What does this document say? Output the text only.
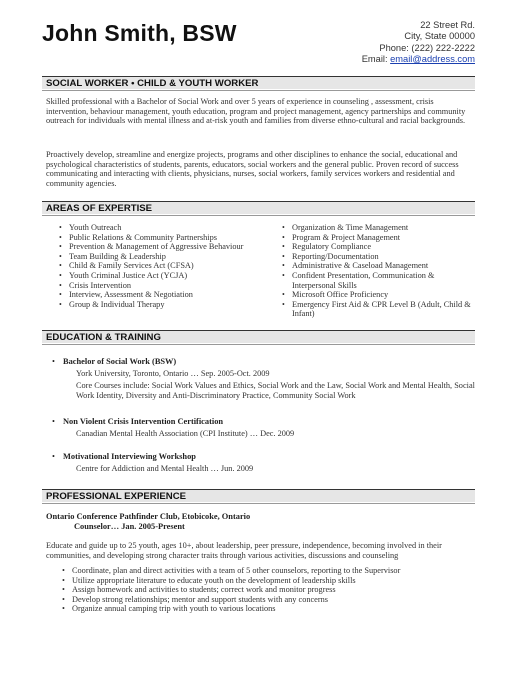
John Smith, BSW	22 Street Rd.
City, State 00000
Phone: (222) 222-2222
Email: email@address.com
SOCIAL WORKER • CHILD & YOUTH WORKER

Skilled professional with a Bachelor of Social Work and over 5 years of experience in counseling , assessment, crisis intervention, behaviour management, youth education, program and project management, agency partnerships and community outreach for individuals with mental illness and at-risk youth and families from diverse ethno-cultural and racial backgrounds.

Proactively develop, streamline and energize projects, programs and other disciplines to enhance the social, educational and psychological characteristics of students, parents, educators, social workers and the general public. Proven record of success communicating and interacting with clients, physicians, nurses, social workers, family services workers and residential and community agencies.

AREAS OF EXPERTISE
• Youth Outreach
• Public Relations & Community Partnerships
• Prevention & Management of Aggressive Behaviour
• Team Building & Leadership
• Child & Family Services Act (CFSA)
• Youth Criminal Justice Act (YCJA)
• Crisis Intervention
• Interview, Assessment & Negotiation
• Group & Individual Therapy
• Organization & Time Management
• Program & Project Management
• Regulatory Compliance
• Reporting/Documentation
• Administrative & Caseload Management
• Confident Presentation, Communication & Interpersonal Skills
• Microsoft Office Proficiency
• Emergency First Aid & CPR Level B (Adult, Child & Infant)
EDUCATION & TRAINING
• Bachelor of Social Work (BSW)
York University, Toronto, Ontario … Sep. 2005-Oct. 2009
Core Courses include: Social Work Values and Ethics, Social Work and the Law, Social Work and Mental Health, Social Work Identity, Diversity and Anti-Discriminatory Practice, Community Social Work
• Non Violent Crisis Intervention Certification
Canadian Mental Health Association (CPI Institute) … Dec. 2009
• Motivational Interviewing Workshop
Centre for Addiction and Mental Health … Jun. 2009
PROFESSIONAL EXPERIENCE
Ontario Conference Pathfinder Club, Etobicoke, Ontario
Counselor… Jan. 2005-Present

Educate and guide up to 25 youth, ages 10+, about leadership, peer pressure, independence, becoming involved in their communities, and developing strong character traits through various activities, discussions and counseling

• Coordinate, plan and direct activities with a team of 5 other counselors, reporting to the Supervisor
• Utilize appropriate literature to educate youth on the development of leadership skills
• Assign homework and activities to students; correct work and monitor progress
• Develop strong relationships; mentor and support students with any concerns
• Organize annual camping trip with youth to various locations
